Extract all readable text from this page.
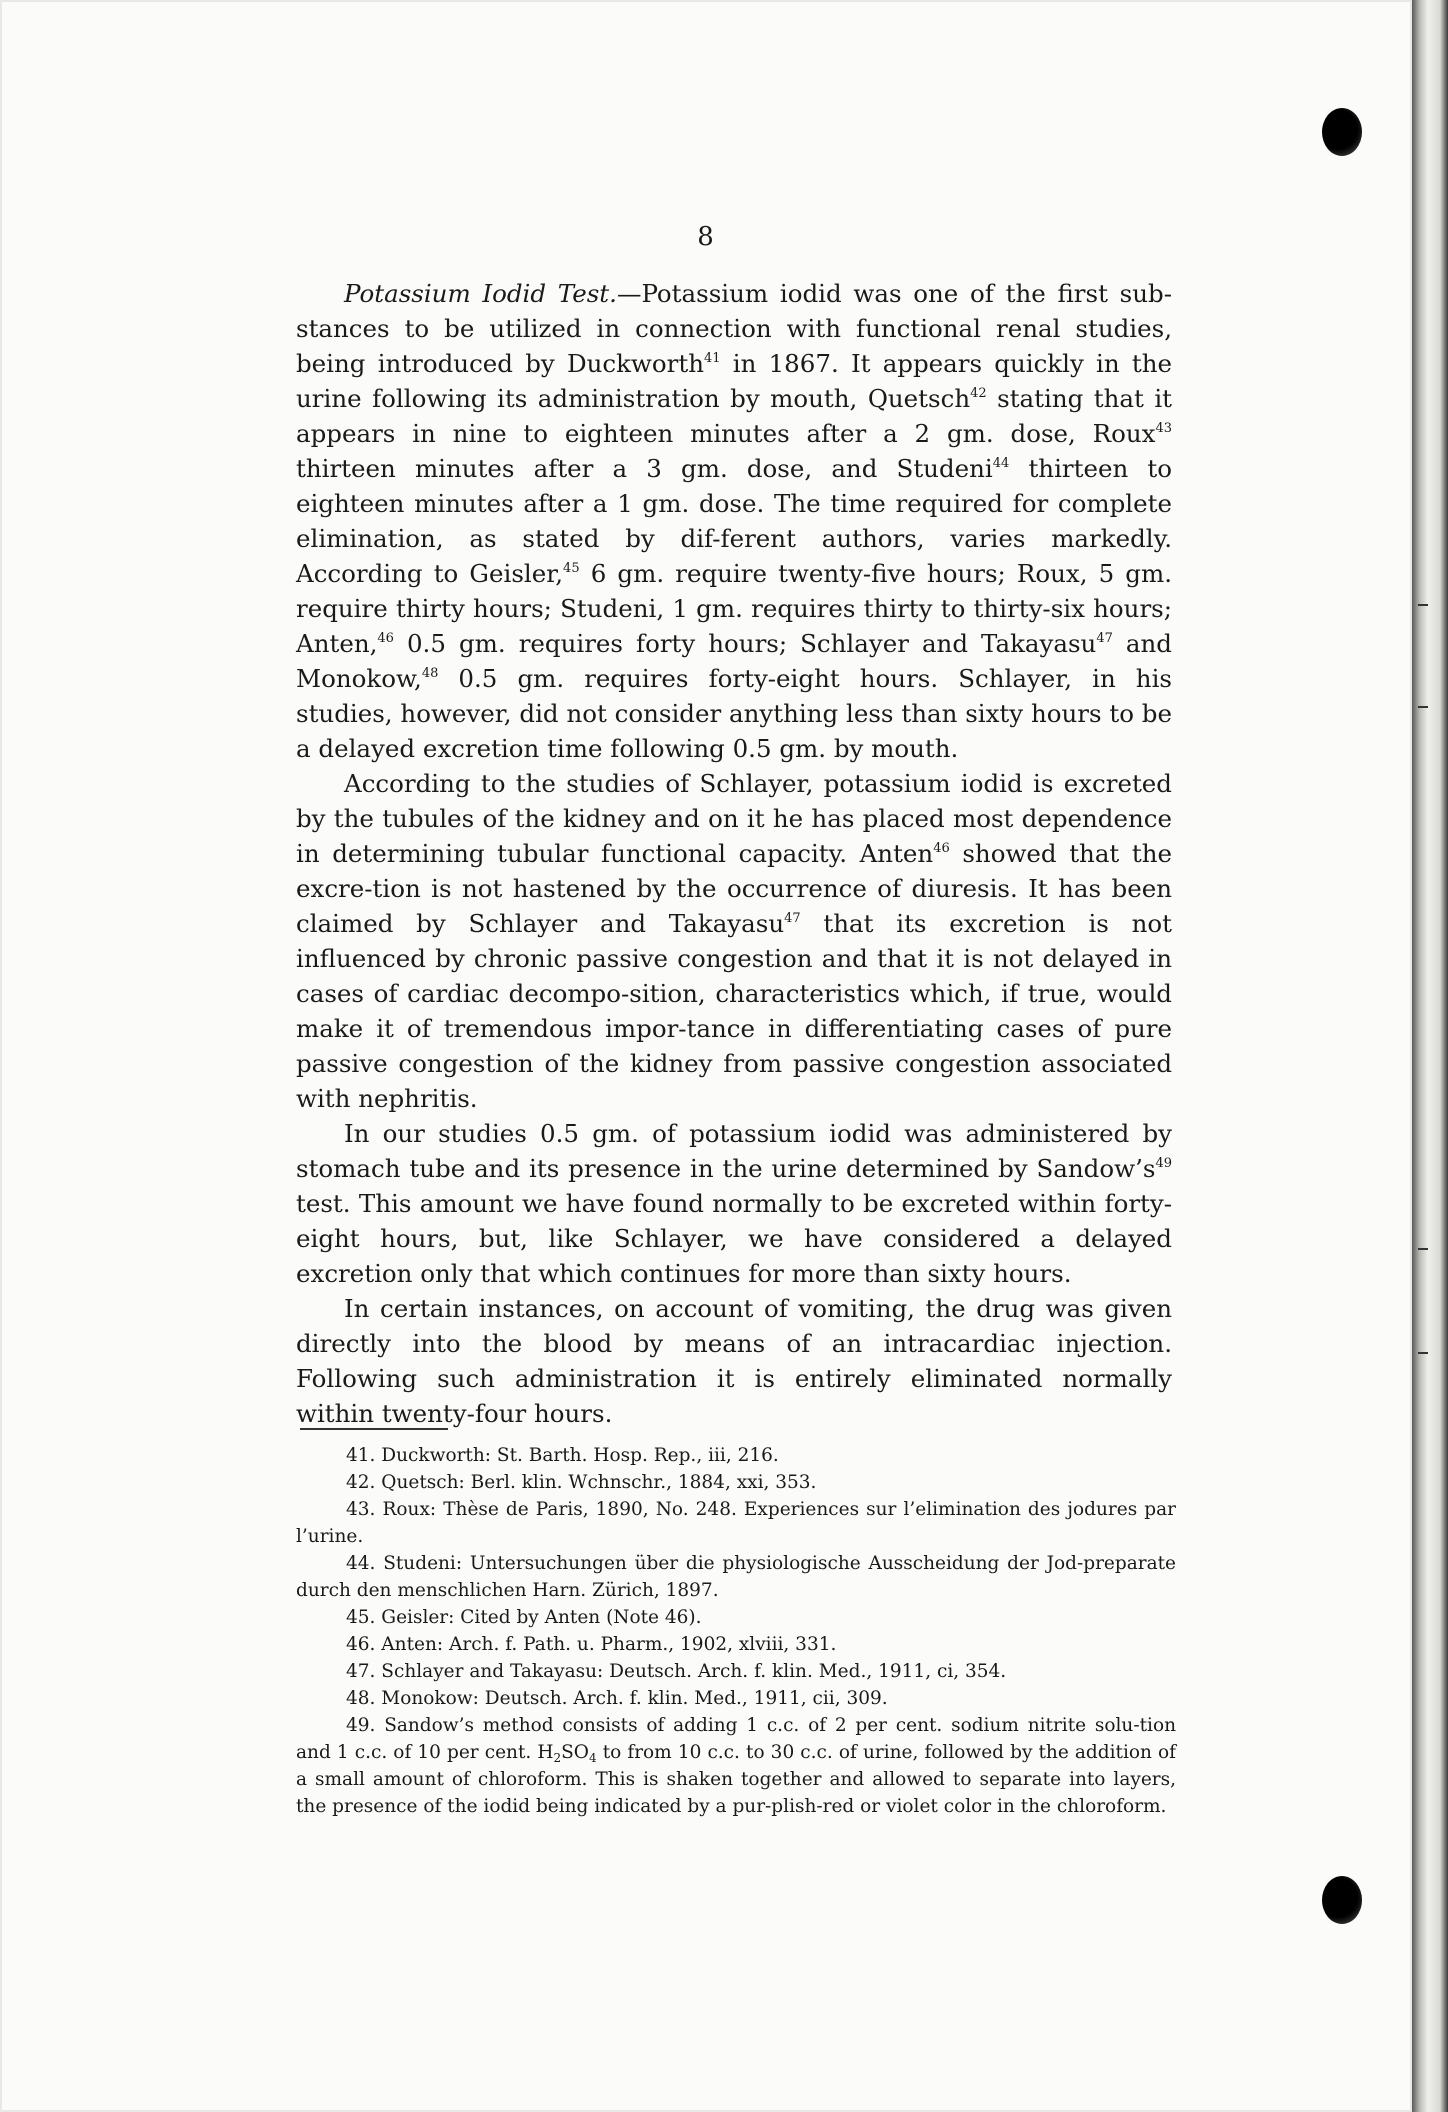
8

Potassium Iodid Test.—Potassium iodid was one of the first sub-stances to be utilized in connection with functional renal studies, being introduced by Duckworth$^{41}$ in 1867. It appears quickly in the urine following its administration by mouth, Quetsch$^{42}$ stating that it appears in nine to eighteen minutes after a 2 gm. dose, Roux$^{43}$ thirteen minutes after a 3 gm. dose, and Studeni$^{44}$ thirteen to eighteen minutes after a 1 gm. dose. The time required for complete elimination, as stated by dif-ferent authors, varies markedly. According to Geisler,$^{45}$ 6 gm. require twenty-five hours; Roux, 5 gm. require thirty hours; Studeni, 1 gm. requires thirty to thirty-six hours; Anten,$^{46}$ 0.5 gm. requires forty hours; Schlayer and Takayasu$^{47}$ and Monokow,$^{48}$ 0.5 gm. requires forty-eight hours. Schlayer, in his studies, however, did not consider anything less than sixty hours to be a delayed excretion time following 0.5 gm. by mouth.

According to the studies of Schlayer, potassium iodid is excreted by the tubules of the kidney and on it he has placed most dependence in determining tubular functional capacity. Anten$^{46}$ showed that the excre-tion is not hastened by the occurrence of diuresis. It has been claimed by Schlayer and Takayasu$^{47}$ that its excretion is not influenced by chronic passive congestion and that it is not delayed in cases of cardiac decompo-sition, characteristics which, if true, would make it of tremendous impor-tance in differentiating cases of pure passive congestion of the kidney from passive congestion associated with nephritis.

In our studies 0.5 gm. of potassium iodid was administered by stomach tube and its presence in the urine determined by $Sandow’s^{49}$ test. This amount we have found normally to be excreted within forty-eight hours, but, like Schlayer, we have considered a delayed excretion only that which continues for more than sixty hours.

In certain instances, on account of vomiting, the drug was given directly into the blood by means of an intracardiac injection. Following such administration it is entirely eliminated normally within twenty-four hours.

41. Duckworth: St. Barth. Hosp. Rep., iii, 216.

42. Quetsch: Berl. klin. Wchnschr., 1884, xxi, 353.

43. Roux: Thèse de Paris, 1890, No. 248. Experiences sur l’elimination des jodures par l’urine.

44. Studeni: Untersuchungen über die physiologische Ausscheidung der Jod-preparate durch den menschlichen Harn. Zürich, 1897.

45. Geisler: Cited by Anten (Note 46).

46. Anten: Arch. f. Path. u. Pharm., 1902, xlviii, 331.

47. Schlayer and Takayasu: Deutsch. Arch. f. klin. Med., 1911, ci, 354.

48. Monokow: Deutsch. Arch. f. klin. Med., 1911, cii, 309.

49. Sandow’s method consists of adding 1 c.c. of 2 per cent. sodium nitrite solu-tion and 1 c.c. of 10 per cent. $H_2SO_4$ to from 10 c.c. to 30 c.c. of urine, followed by the addition of a small amount of chloroform. This is shaken together and allowed to separate into layers, the presence of the iodid being indicated by a pur-plish-red or violet color in the chloroform.
